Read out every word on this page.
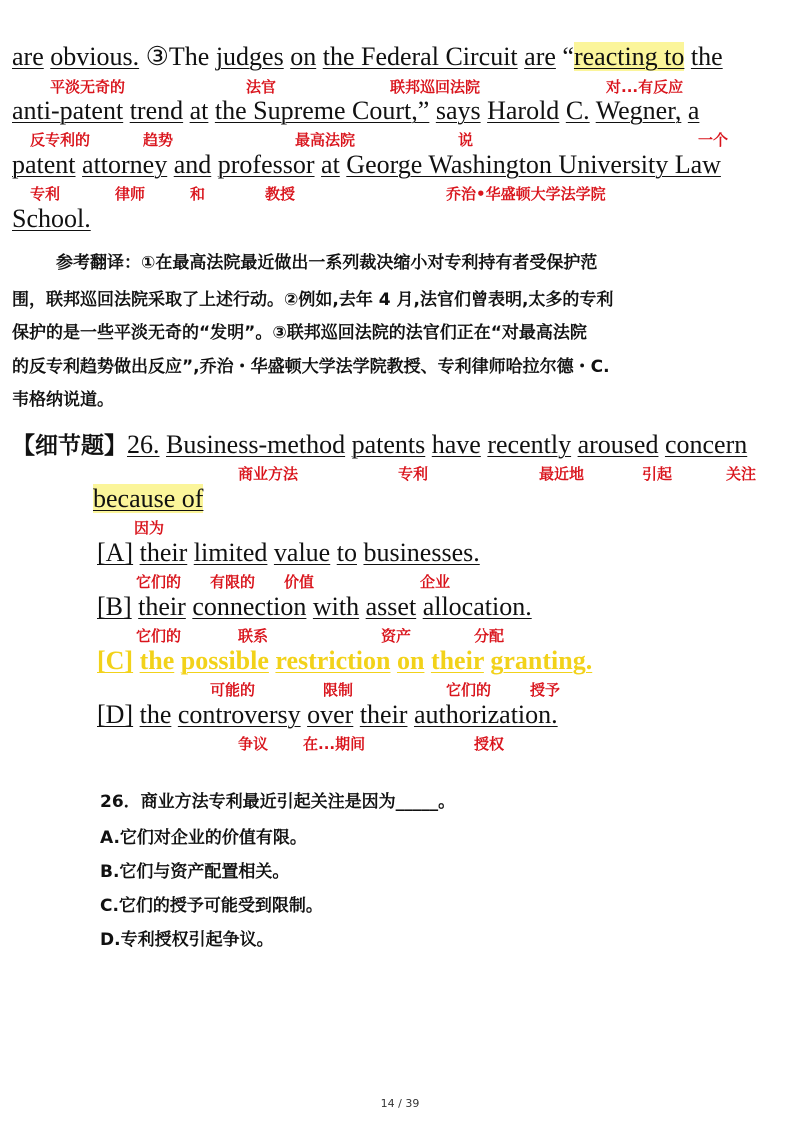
are obvious. ③The judges on the Federal Circuit are “reacting to the
平淡无奇的	法官	联邦巡回法院	对...有反应
anti-patent trend at the Supreme Court,” says Harold C. Wegner, a
反专利的	趋势	最高法院	说	一个
patent attorney and professor at George Washington University Law
专利	律师	和	教授	乔治•华盛顿大学法学院
School.
参考翻译：①在最高法院最近做出一系列裁决缩小对专利持有者受保护范
围，联邦巡回法院采取了上述行动。②例如,去年 4 月,法官们曾表明,太多的专利
保护的是一些平淡无奇的“发明”。③联邦巡回法院的法官们正在“对最高法院
的反专利趋势做出反应”,乔治・华盛顿大学法学院教授、专利律师哈拉尔德・C.
韦格纳说道。
【细节题】26. Business-method patents have recently aroused concern
商业方法	专利	最近地	引起	关注
because of
因为
[A] their limited value to businesses.
它们的 有限的 价值	企业
[B] their connection with asset allocation.
它们的	联系	资产	分配
[C] the possible restriction on their granting.
可能的	限制	它们的	授予
[D] the controversy over their authorization.
争议 在...期间	授权
26．商业方法专利最近引起关注是因为_____。
A.它们对企业的价值有限。
B.它们与资产配置相关。
C.它们的授予可能受到限制。
D.专利授权引起争议。
14 / 39
